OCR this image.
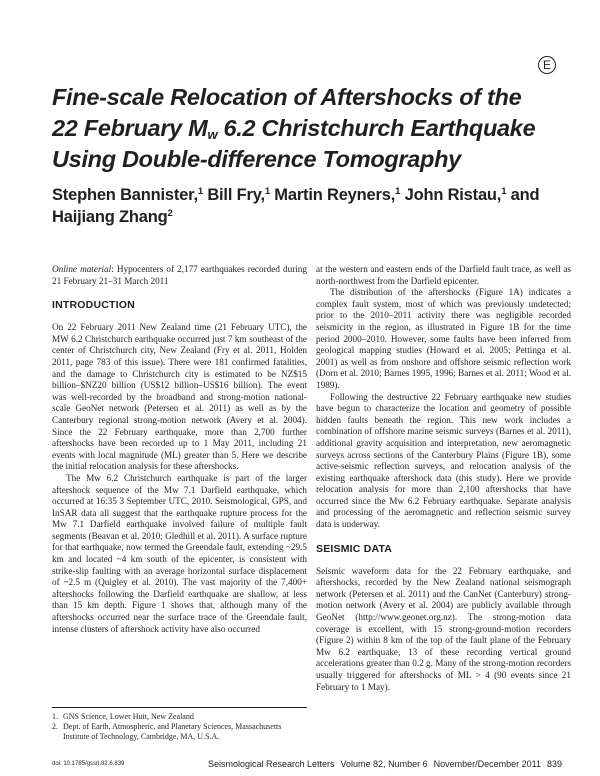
E
Fine-scale Relocation of Aftershocks of the
22 February $M_w$ 6.2 Christchurch Earthquake
Using Double-difference Tomography
Stephen Bannister,$^1$ Bill Fry,$^1$ Martin Reyners,$^1$ John Ristau,$^1$ and Haijiang Zhang$^2$

Online material: Hypocenters of 2,177 earthquakes recorded during 21 February 21–31 March 2011

INTRODUCTION

On 22 February 2011 New Zealand time (21 February UTC), the MW 6.2 Christchurch earthquake occurred just 7 km southeast of the center of Christchurch city, New Zealand (Fry et al. 2011, Holden 2011, page 783 of this issue). There were 181 confirmed fatalities, and the damage to Christchurch city is estimated to be NZ$15 billion–$NZ20 billion (US$12 billion–US$16 billion). The event was well-recorded by the broadband and strong-motion national-scale GeoNet network (Petersen et al. 2011) as well as by the Canterbury regional strong-motion network (Avery et al. 2004). Since the 22 February earthquake, more than 2,700 further aftershocks have been recorded up to 1 May 2011, including 21 events with local magnitude (ML) greater than 5. Here we describe the initial relocation analysis for these aftershocks.

The Mw 6.2 Christchurch earthquake is part of the larger aftershock sequence of the Mw 7.1 Darfield earthquake, which occurred at 16:35 3 September UTC, 2010. Seismological, GPS, and InSAR data all suggest that the earthquake rupture process for the Mw 7.1 Darfield earthquake involved failure of multiple fault segments (Beavan et al. 2010; Gledhill et al. 2011). A surface rupture for that earthquake, now termed the Greendale fault, extending ~29.5 km and located ~4 km south of the epicenter, is consistent with strike-slip faulting with an average horizontal surface displacement of ~2.5 m (Quigley et al. 2010). The vast majority of the 7,400+ aftershocks following the Darfield earthquake are shallow, at less than 15 km depth. Figure 1 shows that, although many of the aftershocks occurred near the surface trace of the Greendale fault, intense clusters of aftershock activity have also occurred

at the western and eastern ends of the Darfield fault trace, as well as north-northwest from the Darfield epicenter.

The distribution of the aftershocks (Figure 1A) indicates a complex fault system, most of which was previously undetected; prior to the 2010–2011 activity there was negligible recorded seismicity in the region, as illustrated in Figure 1B for the time period 2000–2010. However, some faults have been inferred from geological mapping studies (Howard et al. 2005; Pettinga et al. 2001) as well as from onshore and offshore seismic reflection work (Dorn et al. 2010; Barnes 1995, 1996; Barnes et al. 2011; Wood et al. 1989).

Following the destructive 22 February earthquake new studies have begun to characterize the location and geometry of possible hidden faults beneath the region. This new work includes a combination of offshore marine seismic surveys (Barnes et al. 2011), additional gravity acquisition and interpretation, new aeromagnetic surveys across sections of the Canterbury Plains (Figure 1B), some active-seismic reflection surveys, and relocation analysis of the existing earthquake aftershock data (this study). Here we provide relocation analysis for more than 2,100 aftershocks that have occurred since the Mw 6.2 February earthquake. Separate analysis and processing of the aeromagnetic and reflection seismic survey data is underway.

SEISMIC DATA

Seismic waveform data for the 22 February earthquake, and aftershocks, recorded by the New Zealand national seismograph network (Petersen et al. 2011) and the CanNet (Canterbury) strong-motion network (Avery et al. 2004) are publicly available through GeoNet (http://www.geonet.org.nz). The strong-motion data coverage is excellent, with 15 strong-ground-motion recorders (Figure 2) within 8 km of the top of the fault plane of the February Mw 6.2 earthquake, 13 of these recording vertical ground accelerations greater than 0.2 g. Many of the strong-motion recorders usually triggered for aftershocks of ML > 4 (90 events since 21 February to 1 May).

1. GNS Science, Lower Hutt, New Zealand
2. Dept. of Earth, Atmospheric, and Planetary Sciences, Massachusetts Institute of Technology, Cambridge, MA, U.S.A.
doi: 10.1785/gssrl.82.6.839	Seismological Research Letters Volume 82, Number 6 November/December 2011 839
